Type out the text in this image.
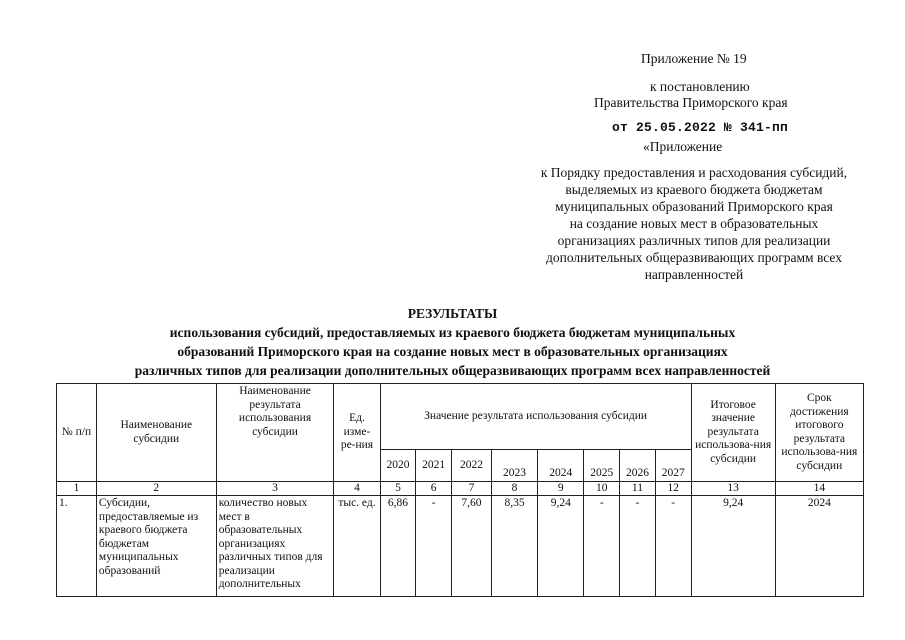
Приложение № 19
к постановлению
Правительства Приморского края
от 25.05.2022 № 341-пп
«Приложение
к Порядку предоставления и расходования субсидий,
выделяемых из краевого бюджета бюджетам
муниципальных образований Приморского края
на создание новых мест в образовательных
организациях различных типов для реализации
дополнительных общеразвивающих программ всех
направленностей
РЕЗУЛЬТАТЫ
использования субсидий, предоставляемых из краевого бюджета бюджетам муниципальных
образований Приморского края на создание новых мест в образовательных организациях
различных типов для реализации дополнительных общеразвивающих программ всех направленностей
№ п/п	Наименование субсидии	Наименование результата использования субсидии	Ед. изме-ре-ния	Значение результата использования субсидии								Итоговое значение результата использова-ния субсидии	Срок достижения итогового результата использова-ния субсидии
				2020	2021	2022	2023	2024	2025	2026	2027		
1	2	3	4	5	6	7	8	9	10	11	12	13	14
1.	Субсидии, предоставляемые из краевого бюджета бюджетам муниципальных образований	количество новых мест в образовательных организациях различных типов для реализации дополнительных	тыс. ед.	6,86	-	7,60	8,35	9,24	-	-	-	9,24	2024
